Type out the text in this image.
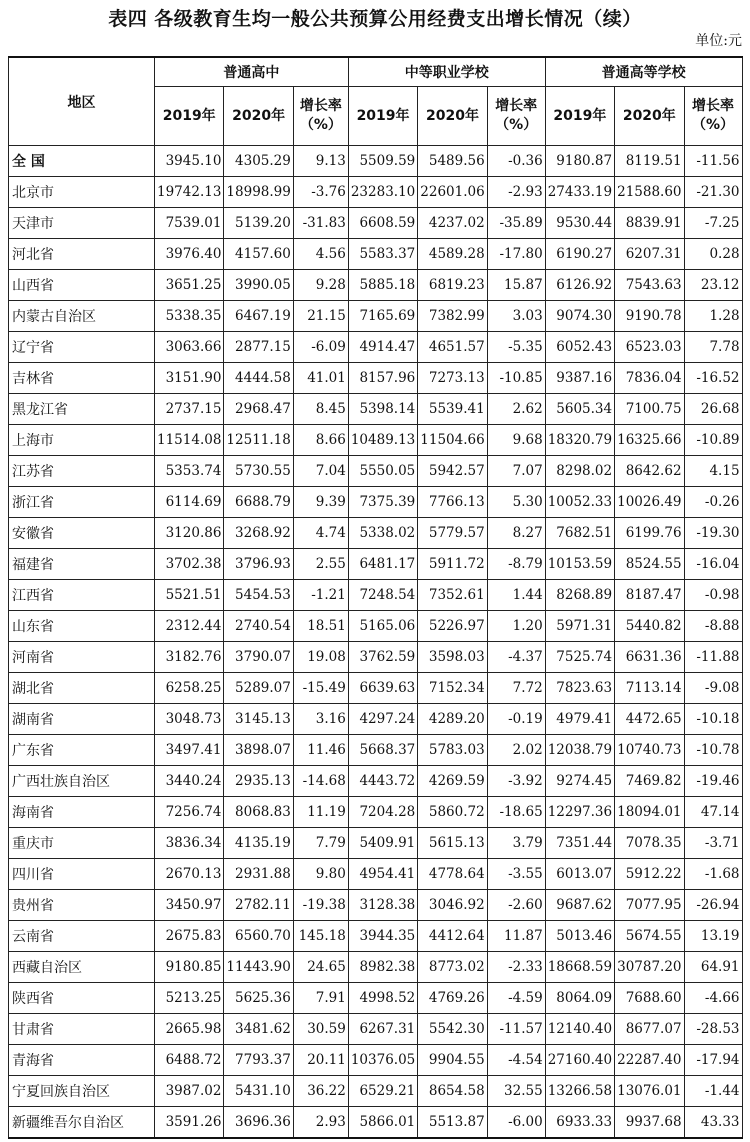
表四 各级教育生均一般公共预算公用经费支出增长情况（续）
单位:元
地区	普通高中			中等职业学校			普通高等学校		
	2019年	2020年	增长率（%）	2019年	2020年	增长率（%）	2019年	2020年	增长率（%）
全 国	3945.10	4305.29	9.13	5509.59	5489.56	-0.36	9180.87	8119.51	-11.56
北京市	19742.13	18998.99	-3.76	23283.10	22601.06	-2.93	27433.19	21588.60	-21.30
天津市	7539.01	5139.20	-31.83	6608.59	4237.02	-35.89	9530.44	8839.91	-7.25
河北省	3976.40	4157.60	4.56	5583.37	4589.28	-17.80	6190.27	6207.31	0.28
山西省	3651.25	3990.05	9.28	5885.18	6819.23	15.87	6126.92	7543.63	23.12
内蒙古自治区	5338.35	6467.19	21.15	7165.69	7382.99	3.03	9074.30	9190.78	1.28
辽宁省	3063.66	2877.15	-6.09	4914.47	4651.57	-5.35	6052.43	6523.03	7.78
吉林省	3151.90	4444.58	41.01	8157.96	7273.13	-10.85	9387.16	7836.04	-16.52
黑龙江省	2737.15	2968.47	8.45	5398.14	5539.41	2.62	5605.34	7100.75	26.68
上海市	11514.08	12511.18	8.66	10489.13	11504.66	9.68	18320.79	16325.66	-10.89
江苏省	5353.74	5730.55	7.04	5550.05	5942.57	7.07	8298.02	8642.62	4.15
浙江省	6114.69	6688.79	9.39	7375.39	7766.13	5.30	10052.33	10026.49	-0.26
安徽省	3120.86	3268.92	4.74	5338.02	5779.57	8.27	7682.51	6199.76	-19.30
福建省	3702.38	3796.93	2.55	6481.17	5911.72	-8.79	10153.59	8524.55	-16.04
江西省	5521.51	5454.53	-1.21	7248.54	7352.61	1.44	8268.89	8187.47	-0.98
山东省	2312.44	2740.54	18.51	5165.06	5226.97	1.20	5971.31	5440.82	-8.88
河南省	3182.76	3790.07	19.08	3762.59	3598.03	-4.37	7525.74	6631.36	-11.88
湖北省	6258.25	5289.07	-15.49	6639.63	7152.34	7.72	7823.63	7113.14	-9.08
湖南省	3048.73	3145.13	3.16	4297.24	4289.20	-0.19	4979.41	4472.65	-10.18
广东省	3497.41	3898.07	11.46	5668.37	5783.03	2.02	12038.79	10740.73	-10.78
广西壮族自治区	3440.24	2935.13	-14.68	4443.72	4269.59	-3.92	9274.45	7469.82	-19.46
海南省	7256.74	8068.83	11.19	7204.28	5860.72	-18.65	12297.36	18094.01	47.14
重庆市	3836.34	4135.19	7.79	5409.91	5615.13	3.79	7351.44	7078.35	-3.71
四川省	2670.13	2931.88	9.80	4954.41	4778.64	-3.55	6013.07	5912.22	-1.68
贵州省	3450.97	2782.11	-19.38	3128.38	3046.92	-2.60	9687.62	7077.95	-26.94
云南省	2675.83	6560.70	145.18	3944.35	4412.64	11.87	5013.46	5674.55	13.19
西藏自治区	9180.85	11443.90	24.65	8982.38	8773.02	-2.33	18668.59	30787.20	64.91
陕西省	5213.25	5625.36	7.91	4998.52	4769.26	-4.59	8064.09	7688.60	-4.66
甘肃省	2665.98	3481.62	30.59	6267.31	5542.30	-11.57	12140.40	8677.07	-28.53
青海省	6488.72	7793.37	20.11	10376.05	9904.55	-4.54	27160.40	22287.40	-17.94
宁夏回族自治区	3987.02	5431.10	36.22	6529.21	8654.58	32.55	13266.58	13076.01	-1.44
新疆维吾尔自治区	3591.26	3696.36	2.93	5866.01	5513.87	-6.00	6933.33	9937.68	43.33
